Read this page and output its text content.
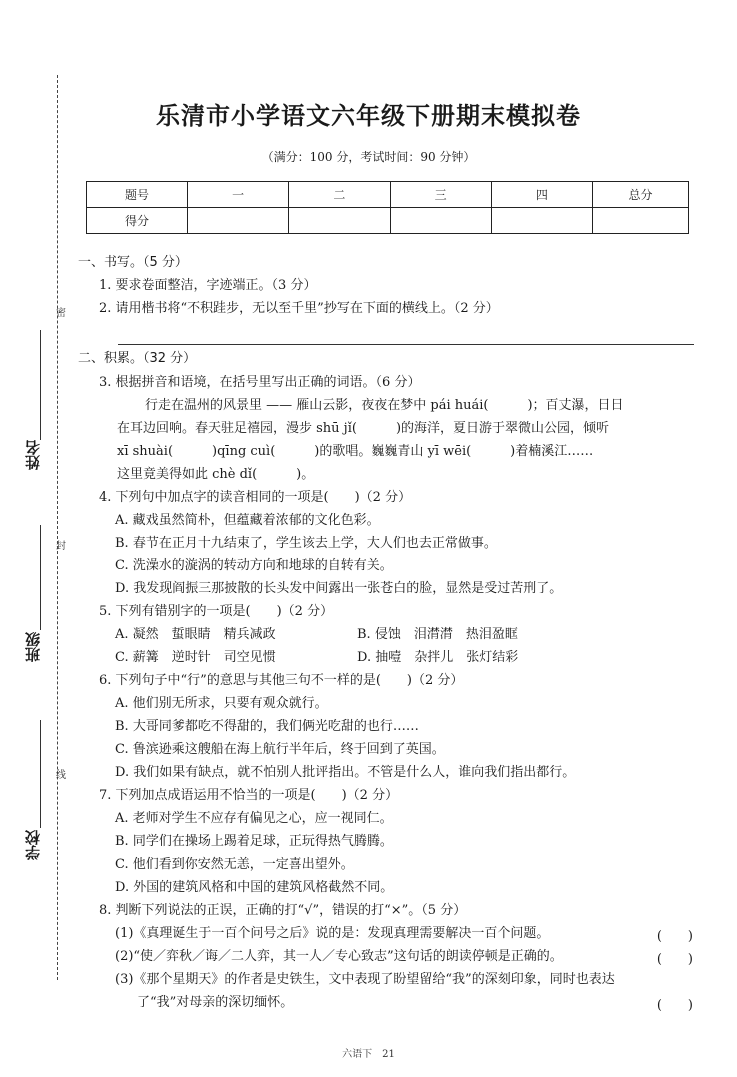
密
封
线
姓名
班级
学校
乐清市小学语文六年级下册期末模拟卷
（满分：100 分，考试时间：90 分钟）
题号	一	二	三	四	总分
得分					
一、书写。（5 分）
1. 要求卷面整洁，字迹端正。（3 分）
2. 请用楷书将“不积跬步，无以至千里”抄写在下面的横线上。（2 分）
二、积累。（32 分）
3. 根据拼音和语境，在括号里写出正确的词语。（6 分）
行走在温州的风景里 —— 雁山云影，夜夜在梦中 pái huái(　　　)；百丈瀑，日日
在耳边回响。春天驻足禧园，漫步 shū jǐ(　　　)的海洋，夏日游于翠微山公园，倾听
xī shuài(　　　)qīng cuì(　　　)的歌唱。巍巍青山 yī wēi(　　　)着楠溪江……
这里竟美得如此 chè dǐ(　　　)。
4. 下列句中加点字的读音相同的一项是(　　)（2 分）
A. 藏戏虽然简朴，但蕴藏着浓郁的文化色彩。
B. 春节在正月十九结束了，学生该去上学，大人们也去正常做事。
C. 洗澡水的漩涡的转动方向和地球的自转有关。
D. 我发现阎振三那披散的长头发中间露出一张苍白的脸，显然是受过苦刑了。
5. 下列有错别字的一项是(　　)（2 分）
A. 凝然　蜇眼睛　精兵减政	B. 侵蚀　泪潸潸　热泪盈眶
C. 薪篝　逆时针　司空见惯	D. 抽噎　杂拌儿　张灯结彩
6. 下列句子中“行”的意思与其他三句不一样的是(　　)（2 分）
A. 他们别无所求，只要有观众就行。
B. 大哥同爹都吃不得甜的，我们俩光吃甜的也行……
C. 鲁滨逊乘这艘船在海上航行半年后，终于回到了英国。
D. 我们如果有缺点，就不怕别人批评指出。不管是什么人，谁向我们指出都行。
7. 下列加点成语运用不恰当的一项是(　　)（2 分）
A. 老师对学生不应存有偏见之心，应一视同仁。
B. 同学们在操场上踢着足球，正玩得热气腾腾。
C. 他们看到你安然无恙，一定喜出望外。
D. 外国的建筑风格和中国的建筑风格截然不同。
8. 判断下列说法的正误，正确的打“√”，错误的打“×”。（5 分）
(1)《真理诞生于一百个问号之后》说的是：发现真理需要解决一百个问题。	(　　)
(2)“使／弈秋／诲／二人弈，其一人／专心致志”这句话的朗读停顿是正确的。	(　　)
(3)《那个星期天》的作者是史铁生，文中表现了盼望留给“我”的深刻印象，同时也表达
了“我”对母亲的深切缅怀。	(　　)
六语下　21
